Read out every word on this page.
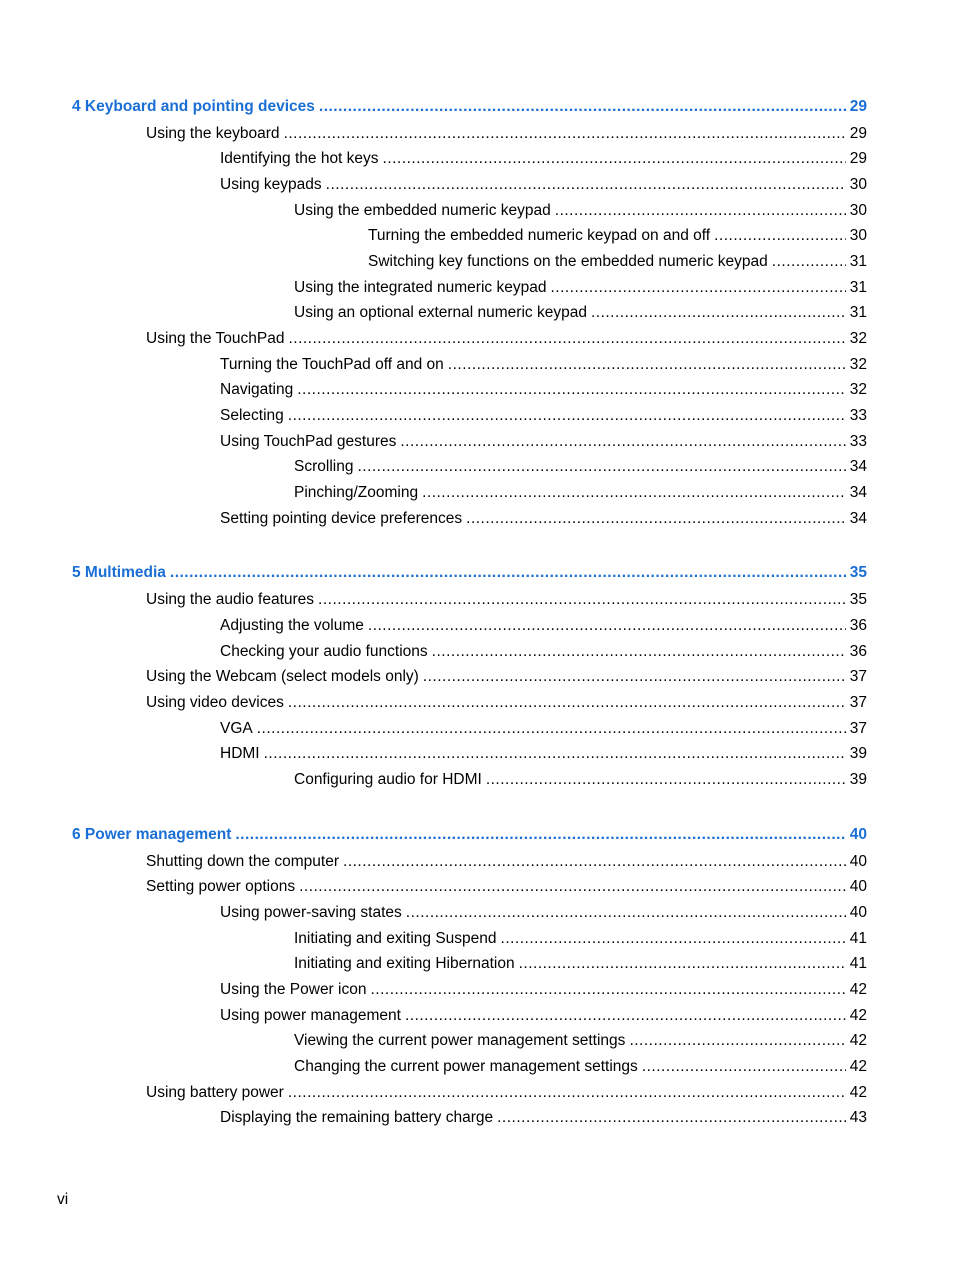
4 Keyboard and pointing devices .....	29
Using the keyboard .....	29
Identifying the hot keys .....	29
Using keypads .....	30
Using the embedded numeric keypad .....	30
Turning the embedded numeric keypad on and off .....	30
Switching key functions on the embedded numeric keypad .....	31
Using the integrated numeric keypad .....	31
Using an optional external numeric keypad .....	31
Using the TouchPad .....	32
Turning the TouchPad off and on .....	32
Navigating .....	32
Selecting .....	33
Using TouchPad gestures .....	33
Scrolling .....	34
Pinching/Zooming .....	34
Setting pointing device preferences .....	34
5 Multimedia .....	35
Using the audio features .....	35
Adjusting the volume .....	36
Checking your audio functions .....	36
Using the Webcam (select models only) .....	37
Using video devices .....	37
VGA .....	37
HDMI .....	39
Configuring audio for HDMI .....	39
6 Power management .....	40
Shutting down the computer .....	40
Setting power options .....	40
Using power-saving states .....	40
Initiating and exiting Suspend .....	41
Initiating and exiting Hibernation .....	41
Using the Power icon .....	42
Using power management .....	42
Viewing the current power management settings .....	42
Changing the current power management settings .....	42
Using battery power .....	42
Displaying the remaining battery charge .....	43
vi
